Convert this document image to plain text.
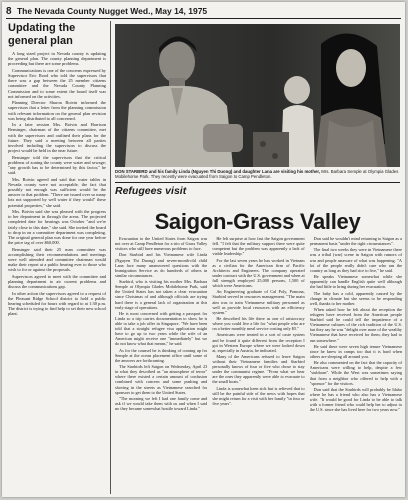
8 The Nevada County Nugget Wed., May 14, 1975
Updating the general plan

A long sized project in Nevada county is updating the general plan. The county planning department is proceeding but there are some problems.

Communications is one of the concerns expressed by Supervisor Eric Rood who told the supervisors that there was a gap between the 25 member citizens committee and the Nevada County Planning Commission and to some extent the board itself was not informed on the activities.

Planning Director Sharon Boivin informed the supervisors that a letter from the planning commission with relevant information on the general plan revision was being distributed to all concerned.

In a later session Mrs. Boivin and Harrison Bensinger, chairman of the citizens committee, met with the supervisors and outlined their plans for the future. They said a meeting between all parties involved including the supervisors to discuss the project would be held in the near future.

Bensinger told the supervisors that the critical problems of zoning the county were water and sewage; "any growth has to be determined by this factor," he said.

Mrs. Boivin agreed and said that water tables in Nevada county were not acceptable, the fact that possibly not enough was sufficient would be the answer to that problem. "There are issued over so many lots not supported by well water if they would" these potential properties," she said.

Mrs. Boivin said she was pleased with the progress to her department in through the areas. The projected completed date for hearings was October "and we're fairly close to this date," she said. She invited the board to drop in on a committee department was completing. The original general plan was done for one year before the price tag of over $60,000.

Bensinger said their 25 man committee was accomplishing their recommendations and meetings were well attended and committee chairman would make their report at a public hearing ever to those who wish to for or against the proposals.

Supervisors agreed to meet with the committee and planning department to air current problems and discuss the communications gap.

In other action the supervisors agreed to a request of the Pleasant Ridge School district to hold a public hearing scheduled for hours with regard to at 1:30 p.m. The district is trying to find help to set their new school plant.

DON STARBIRD and his family Linda (Nguyen Thi Duong) and daughter Lana are visiting his mother, Mrs. Barbara Semple at Olympia Glades Mobilehome Park. They recently were evacuated from Saigon to Camp Pendleton.
Refugees visit
Saigon-Grass Valley

Evacuation to the United States from Saigon was not over at Camp Pendleton for a trio of Grass Valley visitors who still have numerous problems to face.

Don Starbird and his Vietnamese wife Linda (Nguyen Thi Duong) and seven-month-old child Lana face many unanswered questions with the Immigration Service as do hundreds of others in similar circumstances.

Starbird, who is visiting his mother Mrs. Barbara Semple at Olympia Glades Mobilehome Park, said the United States has not taken a clear evacuation since Christmas of and although officials are trying hard there is a general lack of organization at this early stage of operations.

He is most concerned with getting a passport for Linda so a trip carries documentation to show he is able to take a job offer in Singapore. "We have been told that a straight refugee visa application might have to go up to two years while the wife of an American might receive one "immediately" but we do not know what that means," he said.

As for the counsel he is thinking of coming up for Semple at the ocean placement office until some of the answers are forthcoming.

The Starbirds left Saigon on Wednesday, April 23 in what they described as "an atmosphere of terror" where there existed a certain amount of confusion combined with concern and some pushing and shoving in the streets as Vietnamese searched for sponsors to get them to the United States.

"The morning we left I had one family come and ask if we would take them with us and when I said no they became somewhat hostile toward Linda."

He felt surprise at how fast the Saigon government fell. "I felt that the military support there were quite competent but the problem was apparently a lack of viable leadership."

For the last seven years he has worked in Vietnam as a civilian for the American firm of Pacific Architects and Engineers. The company operated under contract with the U.S. government and when at full strength employed 25,000 persons, 1,500 of which were Americans.

An Engineering graduate of Cal Poly, Pomona, Starbird served in resources management. "The main aim was to train Vietnamese military personnel as well as provide local resources with an efficiency system."

He described his life there as one of aristocracy where you could live a life for "what people who are on a better monthly meal service costing only $5."

Americans were treated in a sort of caste system and he found it quite different from the reception I got in Western Europe where we were looked down at, especially in Austria, he indicated.

Many of the Americans refused to leave Saigon without their Vietnamese families and Starbird personally knows of four or five who chose to stay under the communist regime. "From what we hear are the ones they apparently were able to evacuate to the small boats."

Linda is somewhat keen sick but is relieved that to still be the painful side of the news with hopes that she might return for a visit with her family "in four or five years".

Don said he wouldn't mind returning to Saigon as a permanent basis "under the right circumstances".

The final two weeks they were in Vietnamese there was a tribal (war) scene in Saigon with rumors of war and people unaware of what was happening. "A lot of the people really didn't care who ran the country as long as they had rice to live," he said.

He speaks Vietnamese somewhat while she apparently can handle English quite well although she had little to bring during her evacuation.

The baby has a cold, apparently caused by the change in climate but she seems to be responding well, thanks to her mother.

When asked how he felt about the reception the refugees have received from the American people Starbird said he could tell the impatience of a Vietnamese cultures of the rich tradition of the U.S. but they say he was "delight over none of the wealthy Vietnamese that have received for them, they had to run somewhere."

He said there were seven high tenure Vietnamese since he knew in camps too that it is hard when others are sleeping all around you.

He also commented on the fact that the capacity of Americans were willing to help, despite a few "stubborn". While the West was sometimes saying that from a neighbor who offered to help with a "sponsor" for the visitors.

Don said that the Starbirds will probably be Idaho where he has a friend who also has a Vietnamese wife. "It would be good for Linda to be able to talk with a former friend who could help her to adjust to the U.S. since she has lived here for two years now."
